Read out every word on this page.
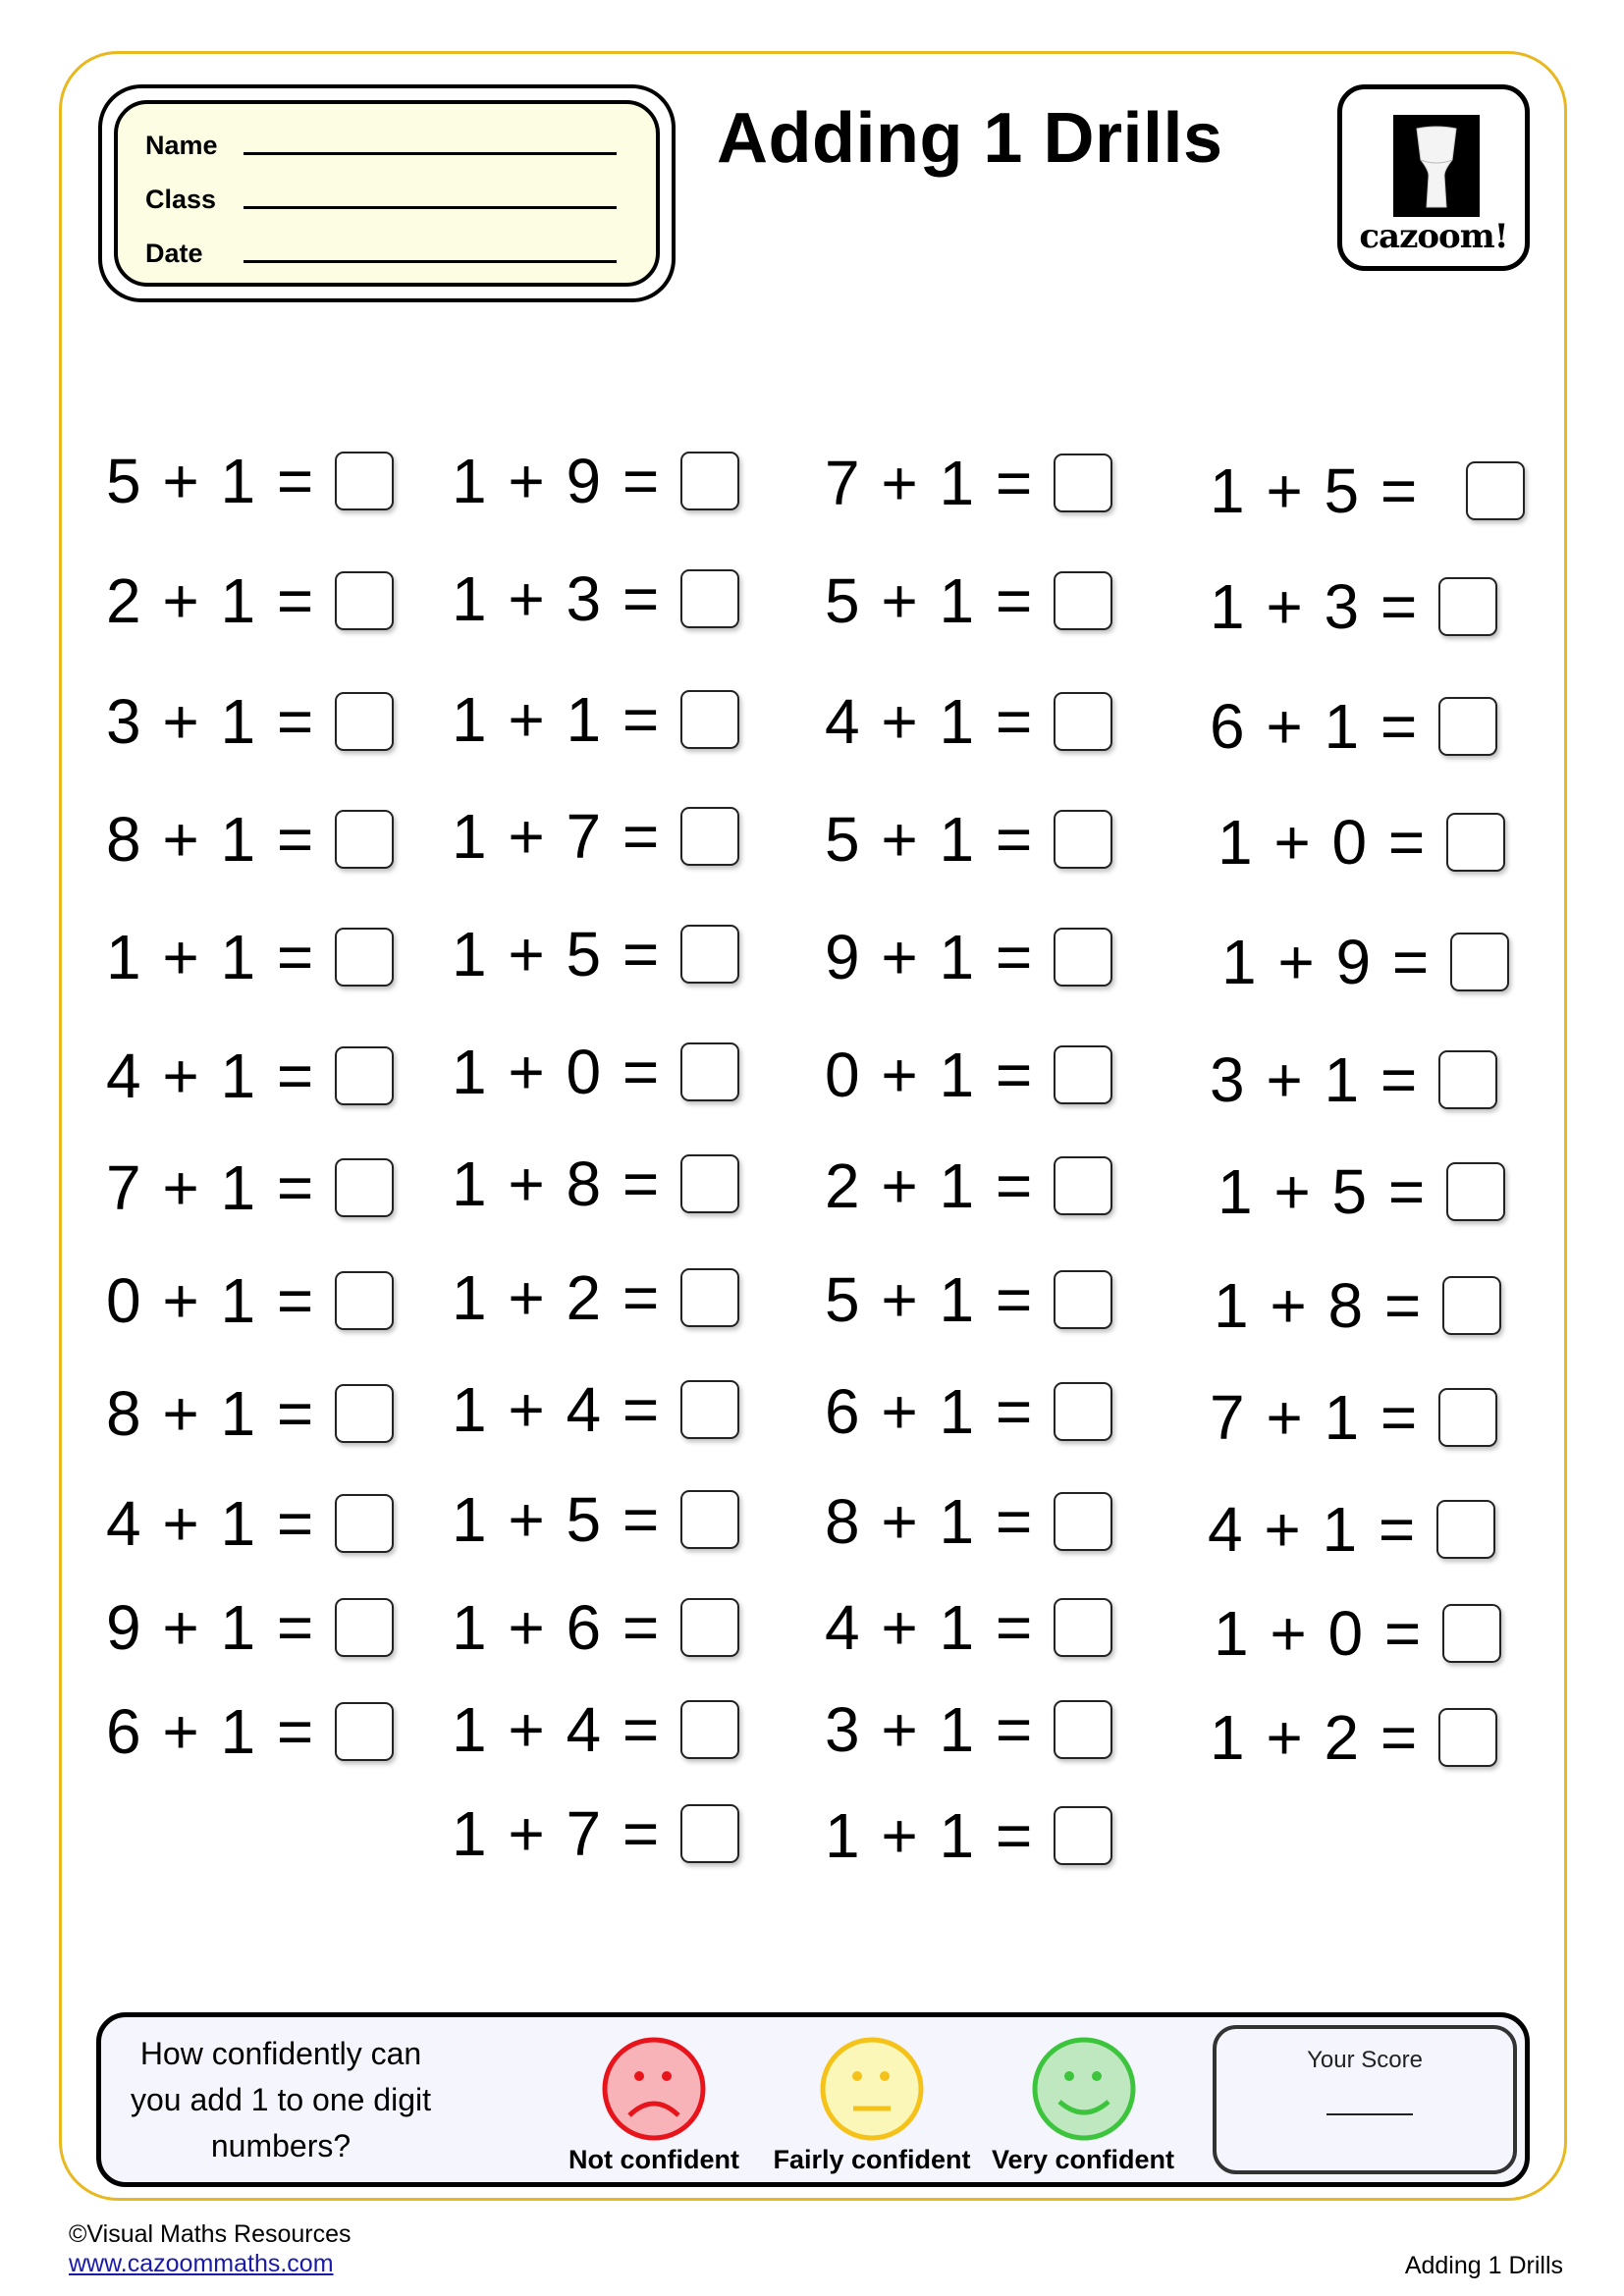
Name
Class
Date
Adding 1 Drills
cazoom!
5 + 1 =
2 + 1 =
3 + 1 =
8 + 1 =
1 + 1 =
4 + 1 =
7 + 1 =
0 + 1 =
8 + 1 =
4 + 1 =
9 + 1 =
6 + 1 =
1 + 9 =
1 + 3 =
1 + 1 =
1 + 7 =
1 + 5 =
1 + 0 =
1 + 8 =
1 + 2 =
1 + 4 =
1 + 5 =
1 + 6 =
1 + 4 =
1 + 7 =
7 + 1 =
5 + 1 =
4 + 1 =
5 + 1 =
9 + 1 =
0 + 1 =
2 + 1 =
5 + 1 =
6 + 1 =
8 + 1 =
4 + 1 =
3 + 1 =
1 + 1 =
1 + 5 =
1 + 3 =
6 + 1 =
1 + 0 =
1 + 9 =
3 + 1 =
1 + 5 =
1 + 8 =
7 + 1 =
4 + 1 =
1 + 0 =
1 + 2 =
How confidently can you add 1 to one digit numbers?	Not confident	Fairly confident Very confident
Your Score
©Visual Maths Resources
www.cazoommaths.com	Adding 1 Drills
